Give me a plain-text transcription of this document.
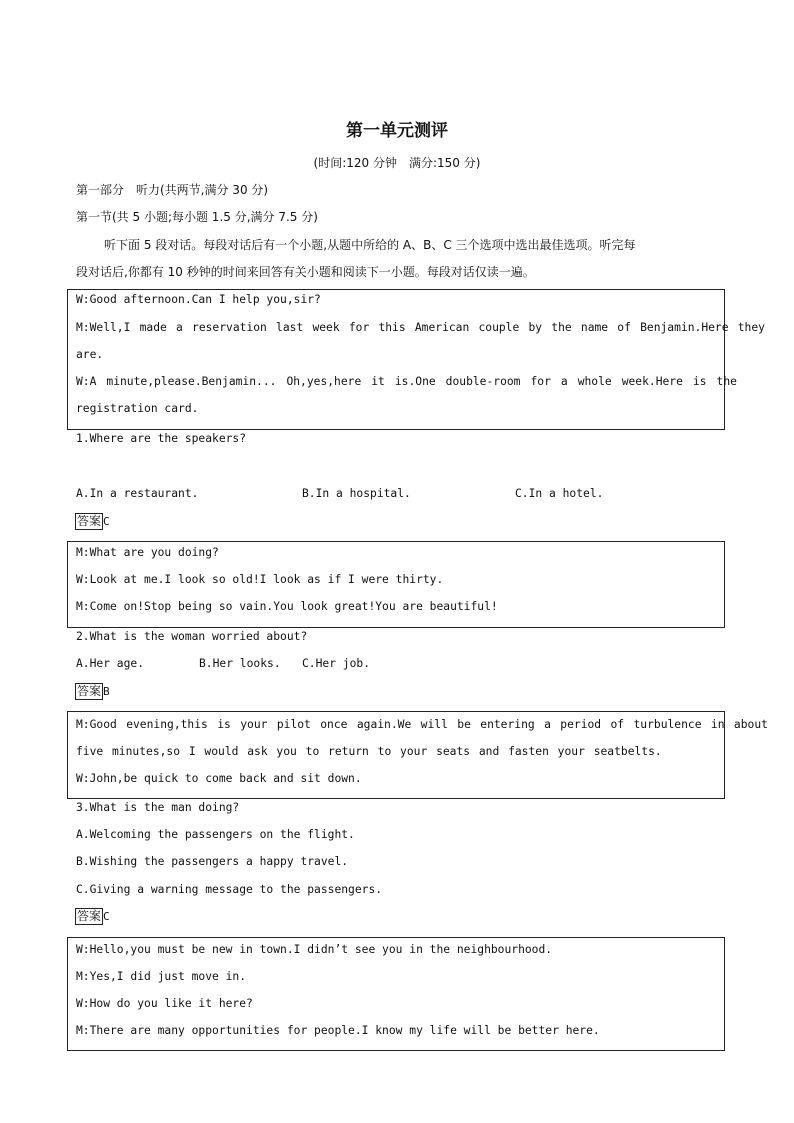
第一单元测评
(时间:120 分钟　满分:150 分)
第一部分　听力(共两节,满分 30 分)
第一节(共 5 小题;每小题 1.5 分,满分 7.5 分)
听下面 5 段对话。每段对话后有一个小题,从题中所给的 A、B、C 三个选项中选出最佳选项。听完每
段对话后,你都有 10 秒钟的时间来回答有关小题和阅读下一小题。每段对话仅读一遍。
W:Good afternoon.Can I help you,sir?
M:Well,I made a reservation last week for this American couple by the name of Benjamin.Here they
are.
W:A minute,please.Benjamin... Oh,yes,here it is.One double-room for a whole week.Here is the
registration card.
1.Where are the speakers?
A.In a restaurant.	B.In a hospital.	C.In a hotel.
答案 C
M:What are you doing?
W:Look at me.I look so old!I look as if I were thirty.
M:Come on!Stop being so vain.You look great!You are beautiful!
2.What is the woman worried about?
A.Her age.	B.Her looks. C.Her job.
答案 B
M:Good evening,this is your pilot once again.We will be entering a period of turbulence in about
five minutes,so I would ask you to return to your seats and fasten your seatbelts.
W:John,be quick to come back and sit down.
3.What is the man doing?
A.Welcoming the passengers on the flight.
B.Wishing the passengers a happy travel.
C.Giving a warning message to the passengers.
答案 C
W:Hello,you must be new in town.I didn’t see you in the neighbourhood.
M:Yes,I did just move in.
W:How do you like it here?
M:There are many opportunities for people.I know my life will be better here.
